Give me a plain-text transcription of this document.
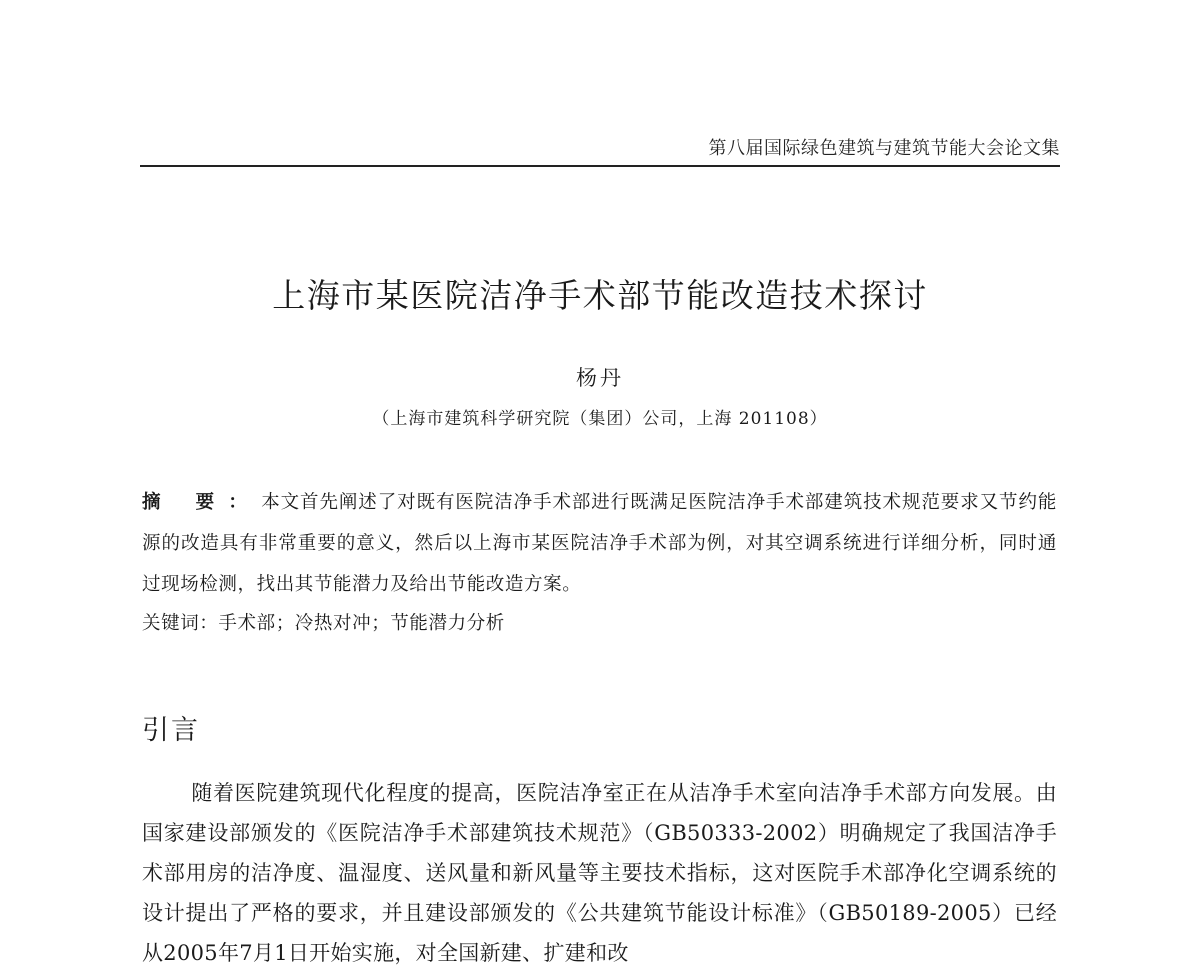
第八届国际绿色建筑与建筑节能大会论文集
上海市某医院洁净手术部节能改造技术探讨
杨丹
（上海市建筑科学研究院（集团）公司，上海 201108）
摘 要：本文首先阐述了对既有医院洁净手术部进行既满足医院洁净手术部建筑技术规范要求又节约能源的改造具有非常重要的意义，然后以上海市某医院洁净手术部为例，对其空调系统进行详细分析，同时通过现场检测，找出其节能潜力及给出节能改造方案。
关键词：手术部；冷热对冲；节能潜力分析
引言

随着医院建筑现代化程度的提高，医院洁净室正在从洁净手术室向洁净手术部方向发展。由国家建设部颁发的《医院洁净手术部建筑技术规范》（GB50333-2002）明确规定了我国洁净手术部用房的洁净度、温湿度、送风量和新风量等主要技术指标，这对医院手术部净化空调系统的设计提出了严格的要求，并且建设部颁发的《公共建筑节能设计标准》（GB50189-2005）已经从2005年7月1日开始实施，对全国新建、扩建和改
